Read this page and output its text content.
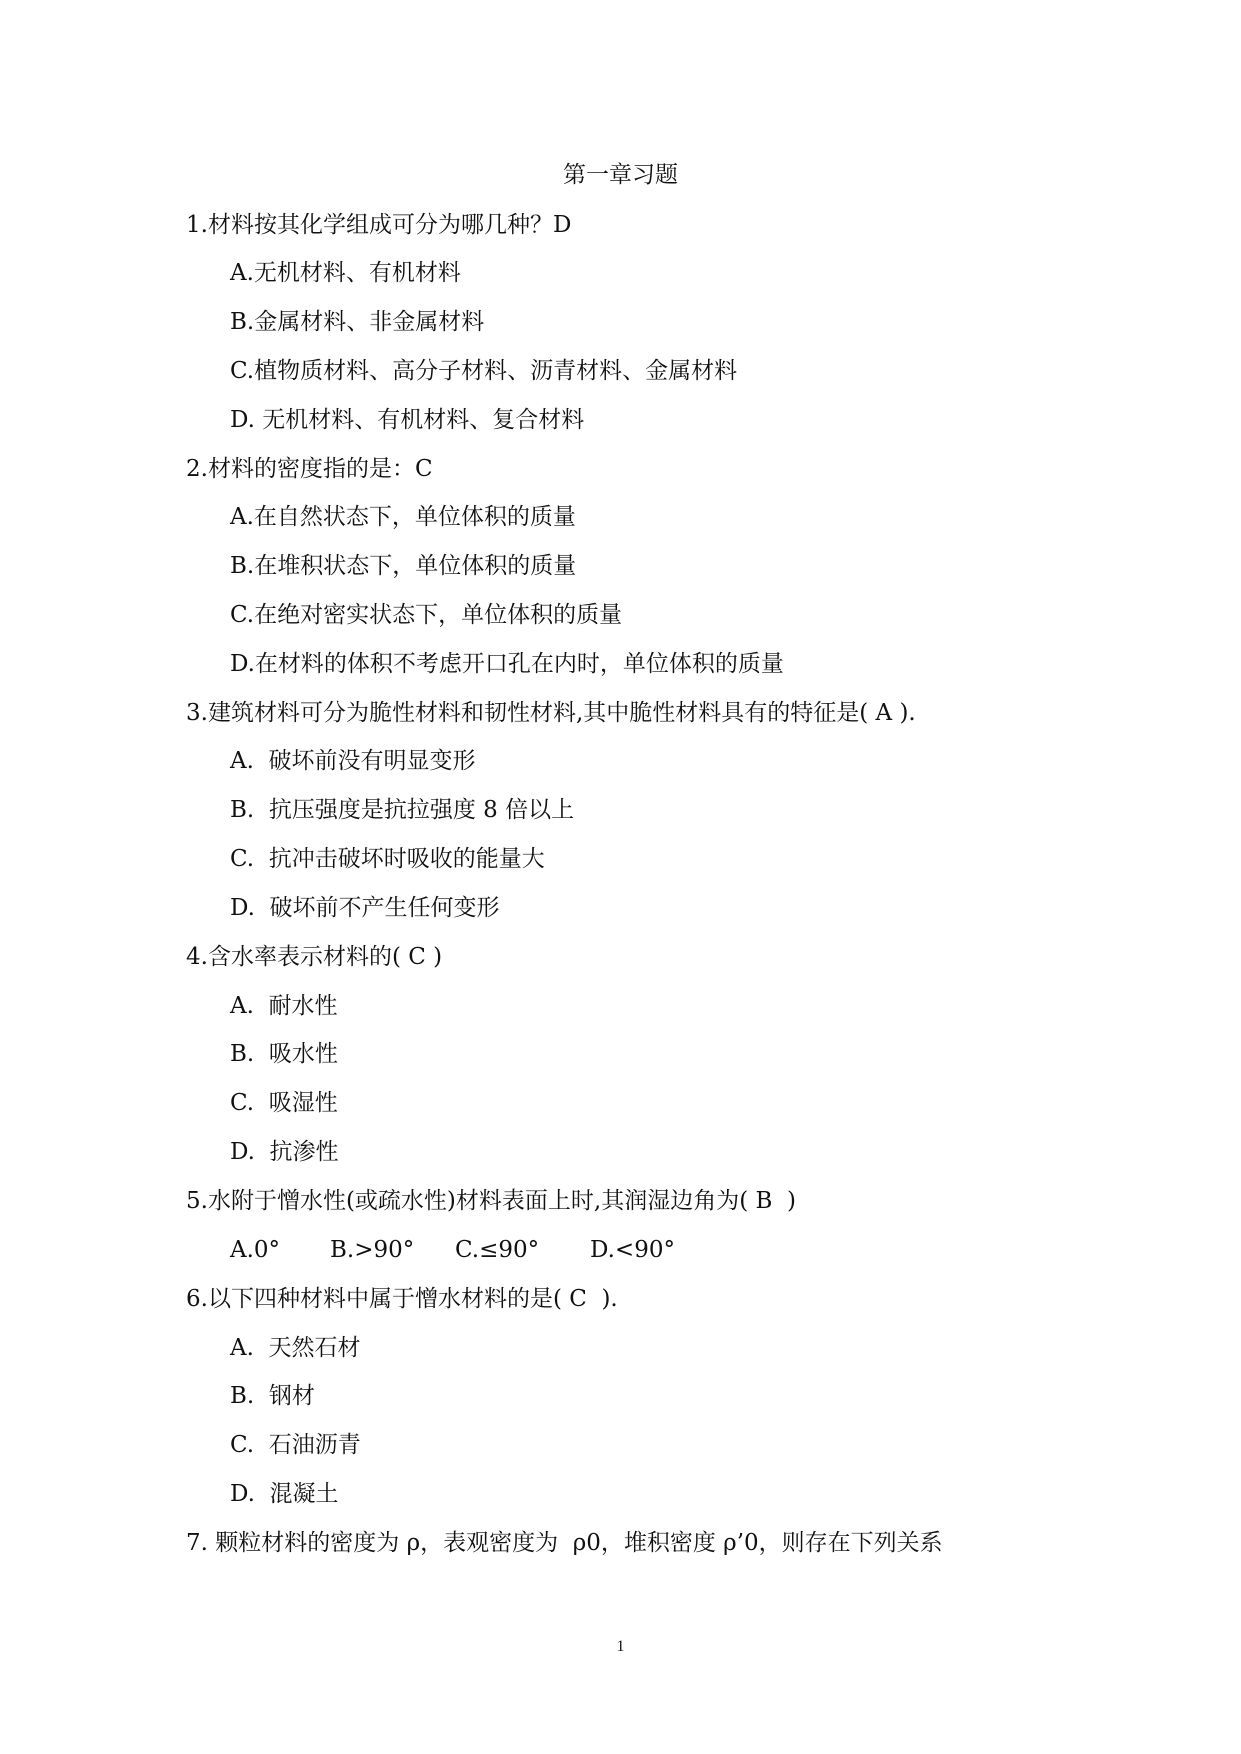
第一章习题
1.材料按其化学组成可分为哪几种？D
A.无机材料、有机材料
B.金属材料、非金属材料
C.植物质材料、高分子材料、沥青材料、金属材料
D. 无机材料、有机材料、复合材料
2.材料的密度指的是：C
A.在自然状态下，单位体积的质量
B.在堆积状态下，单位体积的质量
C.在绝对密实状态下，单位体积的质量
D.在材料的体积不考虑开口孔在内时，单位体积的质量
3.建筑材料可分为脆性材料和韧性材料,其中脆性材料具有的特征是( A ).
A.  破坏前没有明显变形
B.  抗压强度是抗拉强度 8 倍以上
C.  抗冲击破坏时吸收的能量大
D.  破坏前不产生任何变形
4.含水率表示材料的( C )
A.  耐水性
B.  吸水性
C.  吸湿性
D.  抗渗性
5.水附于憎水性(或疏水性)材料表面上时,其润湿边角为( B  )
A.0° B.>90° C.≤90° D.<90°
6.以下四种材料中属于憎水材料的是( C  ).
A.  天然石材
B.  钢材
C.  石油沥青
D.  混凝土
7. 颗粒材料的密度为 ρ，表观密度为  ρ0，堆积密度 ρ’0，则存在下列关系
1
